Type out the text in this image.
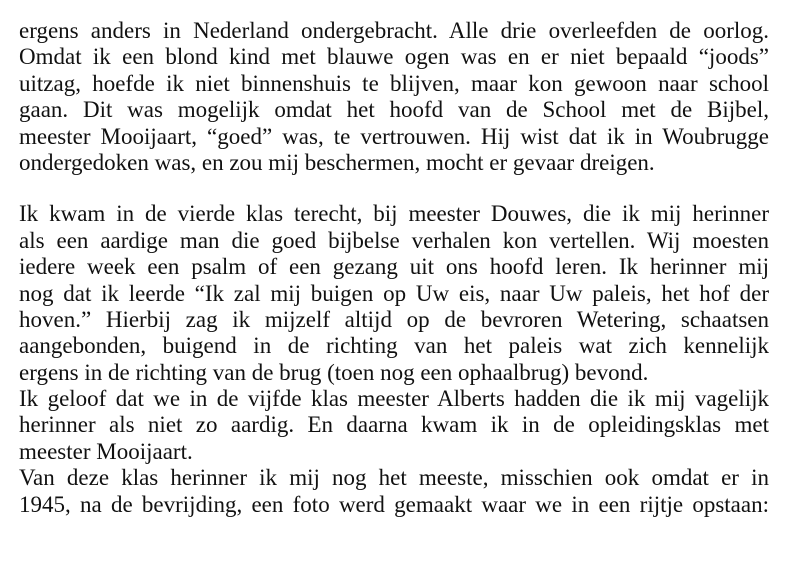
ergens anders in Nederland ondergebracht. Alle drie overleefden de oorlog.
Omdat ik een blond kind met blauwe ogen was en er niet bepaald “joods”
uitzag, hoefde ik niet binnenshuis te blijven, maar kon gewoon naar school
gaan. Dit was mogelijk omdat het hoofd van de School met de Bijbel,
meester Mooijaart, “goed” was, te vertrouwen. Hij wist dat ik in Woubrugge
ondergedoken was, en zou mij beschermen, mocht er gevaar dreigen.
Ik kwam in de vierde klas terecht, bij meester Douwes, die ik mij herinner
als een aardige man die goed bijbelse verhalen kon vertellen. Wij moesten
iedere week een psalm of een gezang uit ons hoofd leren. Ik herinner mij
nog dat ik leerde “Ik zal mij buigen op Uw eis, naar Uw paleis, het hof der
hoven.” Hierbij zag ik mijzelf altijd op de bevroren Wetering, schaatsen
aangebonden, buigend in de richting van het paleis wat zich kennelijk
ergens in de richting van de brug (toen nog een ophaalbrug) bevond.
Ik geloof dat we in de vijfde klas meester Alberts hadden die ik mij vagelijk
herinner als niet zo aardig. En daarna kwam ik in de opleidingsklas met
meester Mooijaart.
Van deze klas herinner ik mij nog het meeste, misschien ook omdat er in
1945, na de bevrijding, een foto werd gemaakt waar we in een rijtje opstaan:
